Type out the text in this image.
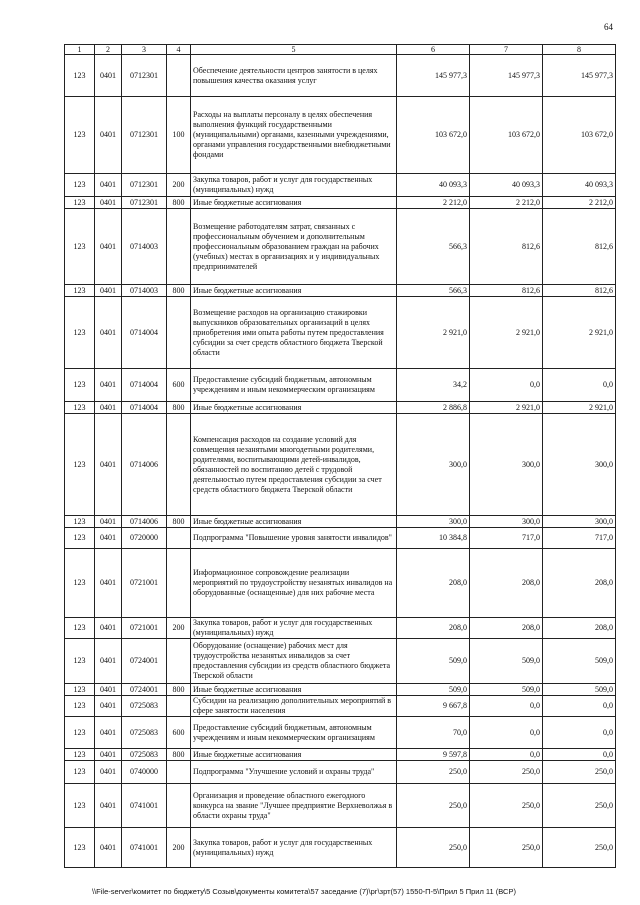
64
1	2	3	4	5	6	7	8
123	0401	0712301		Обеспечение деятельности центров занятости в целях повышения качества оказания услуг	145 977,3	145 977,3	145 977,3
123	0401	0712301	100	Расходы на выплаты персоналу в целях обеспечения выполнения функций государственными (муниципальными) органами, казенными учреждениями, органами управления государственными внебюджетными фондами	103 672,0	103 672,0	103 672,0
123	0401	0712301	200	Закупка товаров, работ и услуг для государственных (муниципальных) нужд	40 093,3	40 093,3	40 093,3
123	0401	0712301	800	Иные бюджетные ассигнования	2 212,0	2 212,0	2 212,0
123	0401	0714003		Возмещение работодателям затрат, связанных с профессиональным обучением и дополнительным профессиональным образованием граждан на рабочих (учебных) местах в организациях и у индивидуальных предпринимателей	566,3	812,6	812,6
123	0401	0714003	800	Иные бюджетные ассигнования	566,3	812,6	812,6
123	0401	0714004		Возмещение расходов на организацию стажировки выпускников образовательных организаций в целях приобретения ими опыта работы путем предоставления субсидии за счет средств областного бюджета Тверской области	2 921,0	2 921,0	2 921,0
123	0401	0714004	600	Предоставление субсидий бюджетным, автономным учреждениям и иным некоммерческим организациям	34,2	0,0	0,0
123	0401	0714004	800	Иные бюджетные ассигнования	2 886,8	2 921,0	2 921,0
123	0401	0714006		Компенсация расходов на создание условий для совмещения незанятыми многодетными родителями, родителями, воспитывающими детей-инвалидов, обязанностей по воспитанию детей с трудовой деятельностью путем предоставления субсидии за счет средств областного бюджета Тверской области	300,0	300,0	300,0
123	0401	0714006	800	Иные бюджетные ассигнования	300,0	300,0	300,0
123	0401	0720000		Подпрограмма "Повышение уровня занятости инвалидов"	10 384,8	717,0	717,0
123	0401	0721001		Информационное сопровождение реализации мероприятий по трудоустройству незанятых инвалидов на оборудованные (оснащенные) для них рабочие места	208,0	208,0	208,0
123	0401	0721001	200	Закупка товаров, работ и услуг для государственных (муниципальных) нужд	208,0	208,0	208,0
123	0401	0724001		Оборудование (оснащение) рабочих мест для трудоустройства незанятых инвалидов за счет предоставления субсидии из средств областного бюджета Тверской области	509,0	509,0	509,0
123	0401	0724001	800	Иные бюджетные ассигнования	509,0	509,0	509,0
123	0401	0725083		Субсидии на реализацию дополнительных мероприятий в сфере занятости населения	9 667,8	0,0	0,0
123	0401	0725083	600	Предоставление субсидий бюджетным, автономным учреждениям и иным некоммерческим организациям	70,0	0,0	0,0
123	0401	0725083	800	Иные бюджетные ассигнования	9 597,8	0,0	0,0
123	0401	0740000		Подпрограмма "Улучшение условий и охраны труда"	250,0	250,0	250,0
123	0401	0741001		Организация и проведение областного ежегодного конкурса на звание "Лучшее предприятие Верхневолжья в области охраны труда"	250,0	250,0	250,0
123	0401	0741001	200	Закупка товаров, работ и услуг для государственных (муниципальных) нужд	250,0	250,0	250,0
\\File-server\комитет по бюджету\5 Созыв\документы комитета\57 заседание (7)\рг\зрт(57) 1550-П-5\Прил 5 Прил 11 (ВСР)
